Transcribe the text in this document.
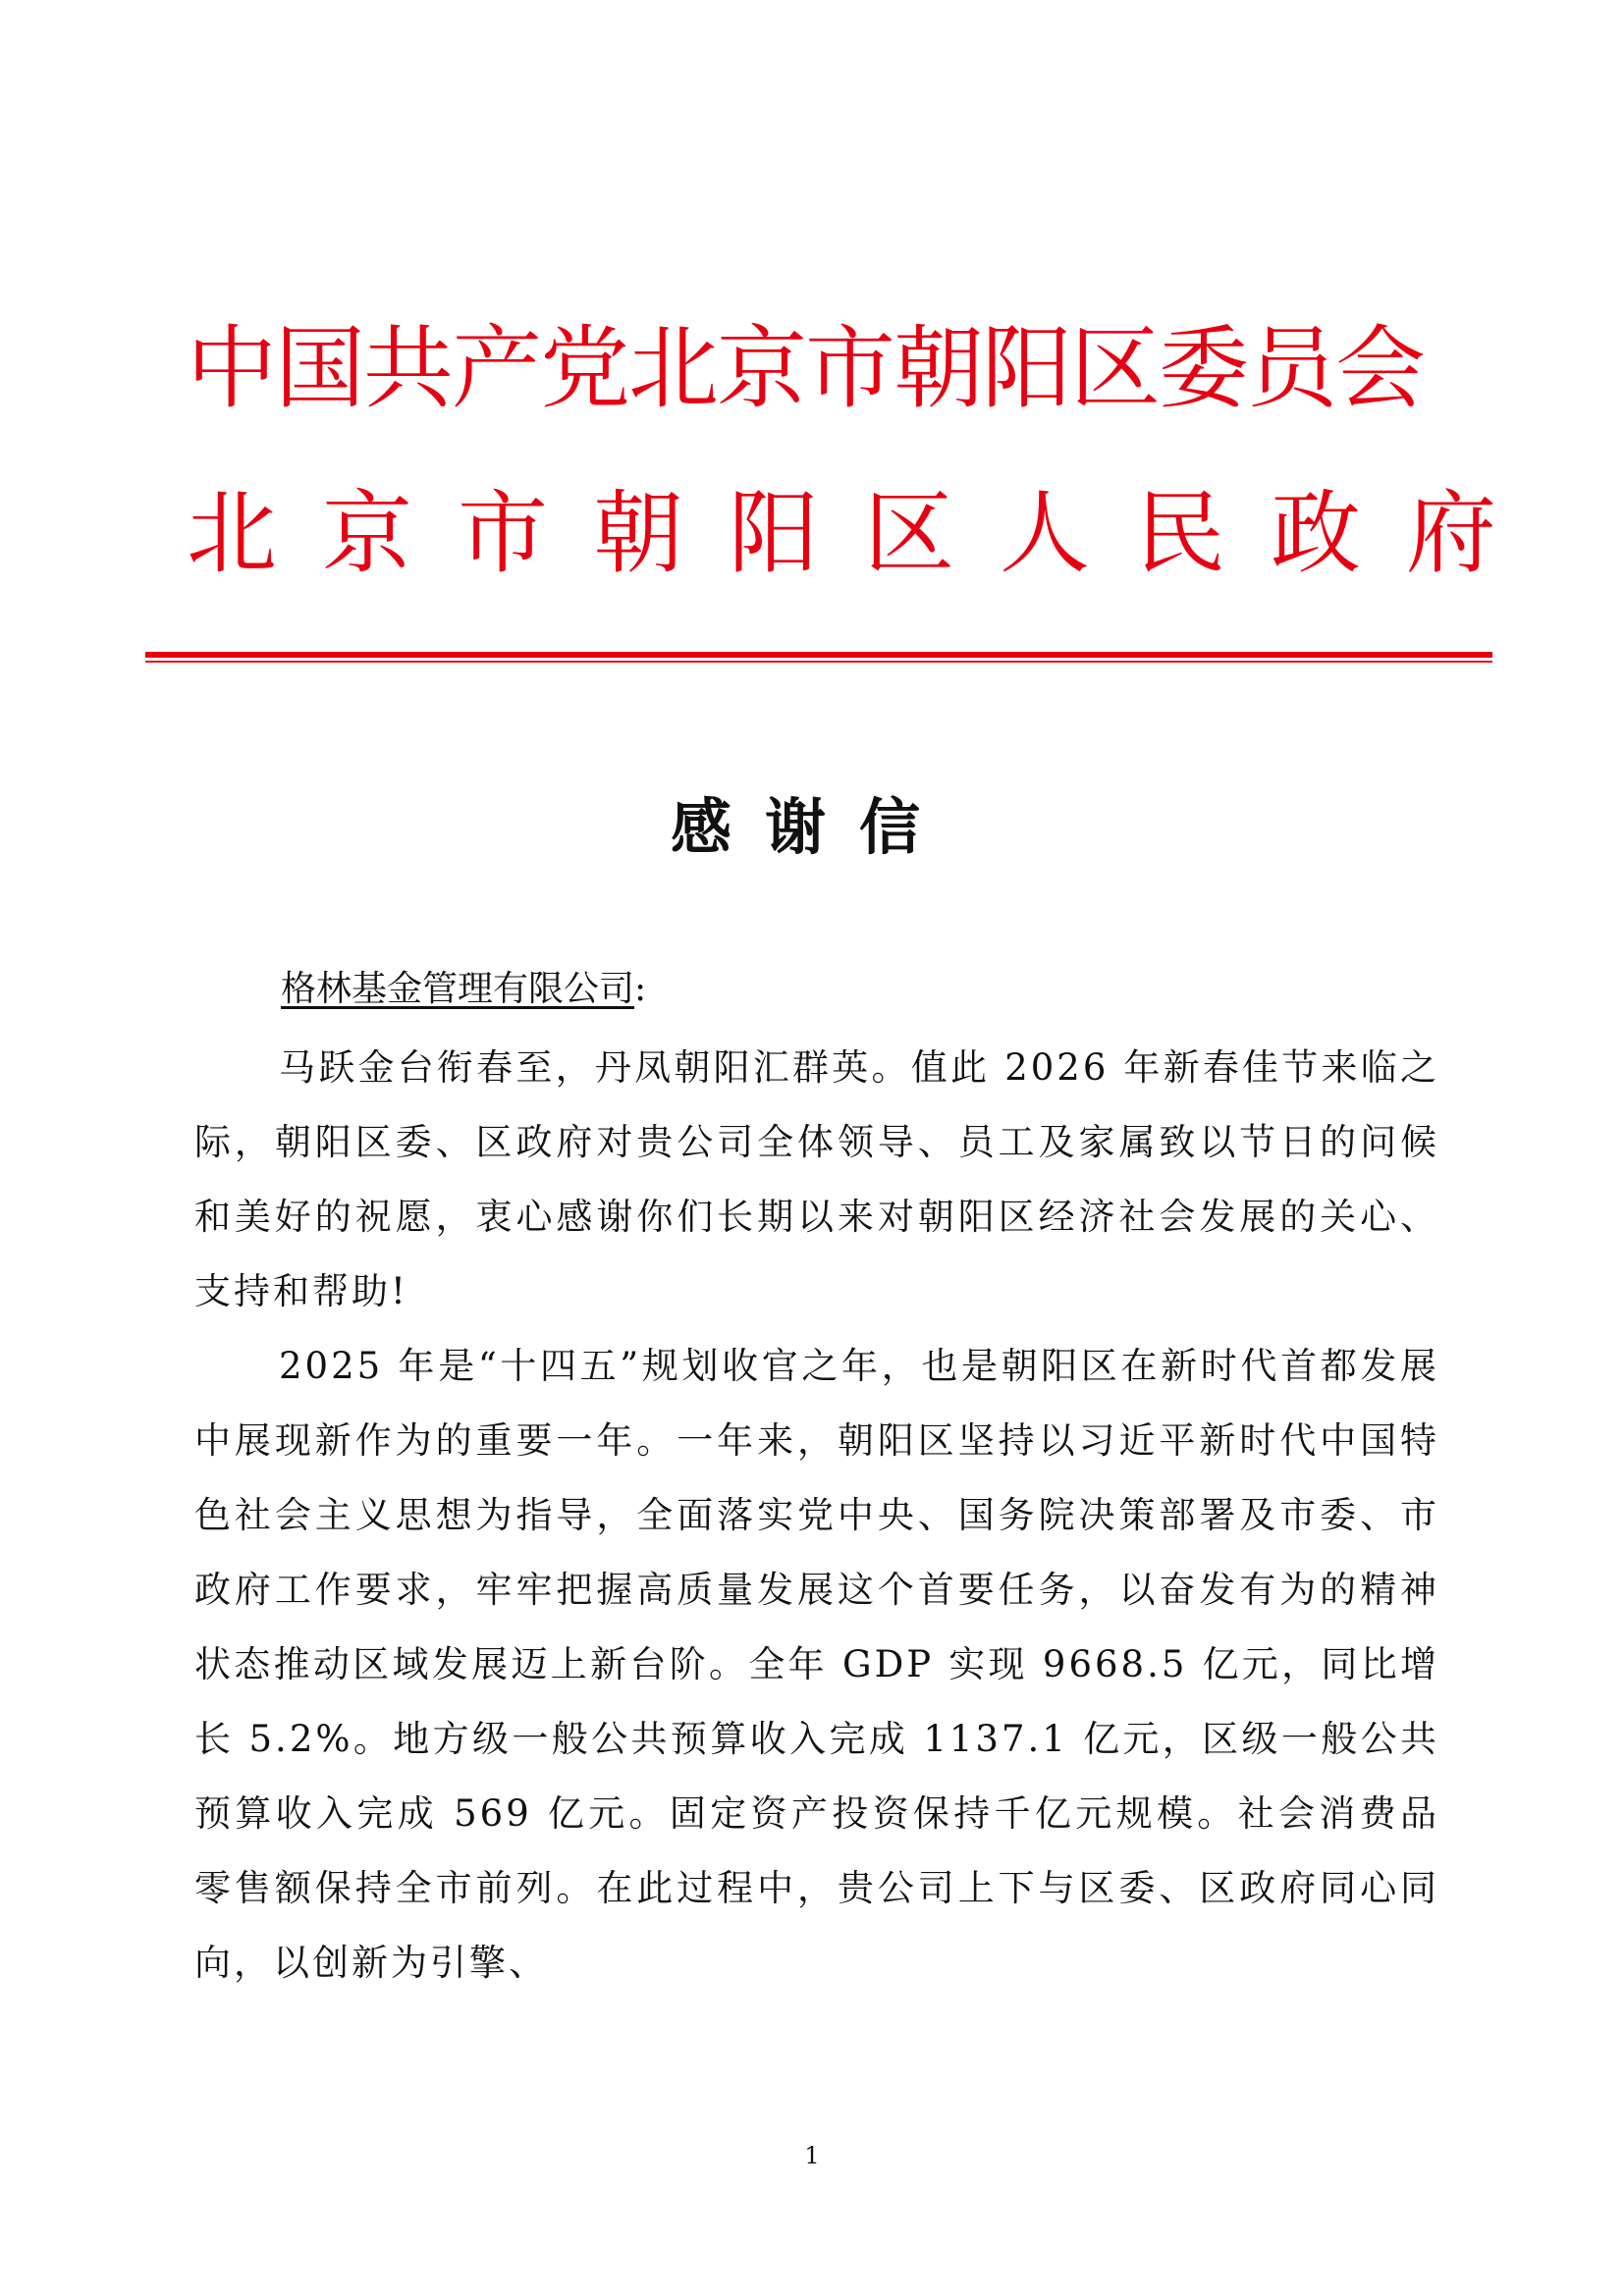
中国共产党北京市朝阳区委员会
北京市朝阳区人民政府
感谢信
格林基金管理有限公司:

马跃金台衔春至，丹凤朝阳汇群英。值此 2026 年新春佳节来临之际，朝阳区委、区政府对贵公司全体领导、员工及家属致以节日的问候和美好的祝愿，衷心感谢你们长期以来对朝阳区经济社会发展的关心、支持和帮助!

2025 年是“十四五”规划收官之年，也是朝阳区在新时代首都发展中展现新作为的重要一年。一年来，朝阳区坚持以习近平新时代中国特色社会主义思想为指导，全面落实党中央、国务院决策部署及市委、市政府工作要求，牢牢把握高质量发展这个首要任务，以奋发有为的精神状态推动区域发展迈上新台阶。全年 GDP 实现 9668.5 亿元，同比增长 5.2%。地方级一般公共预算收入完成 1137.1 亿元，区级一般公共预算收入完成 569 亿元。固定资产投资保持千亿元规模。社会消费品零售额保持全市前列。在此过程中，贵公司上下与区委、区政府同心同向，以创新为引擎、

1
